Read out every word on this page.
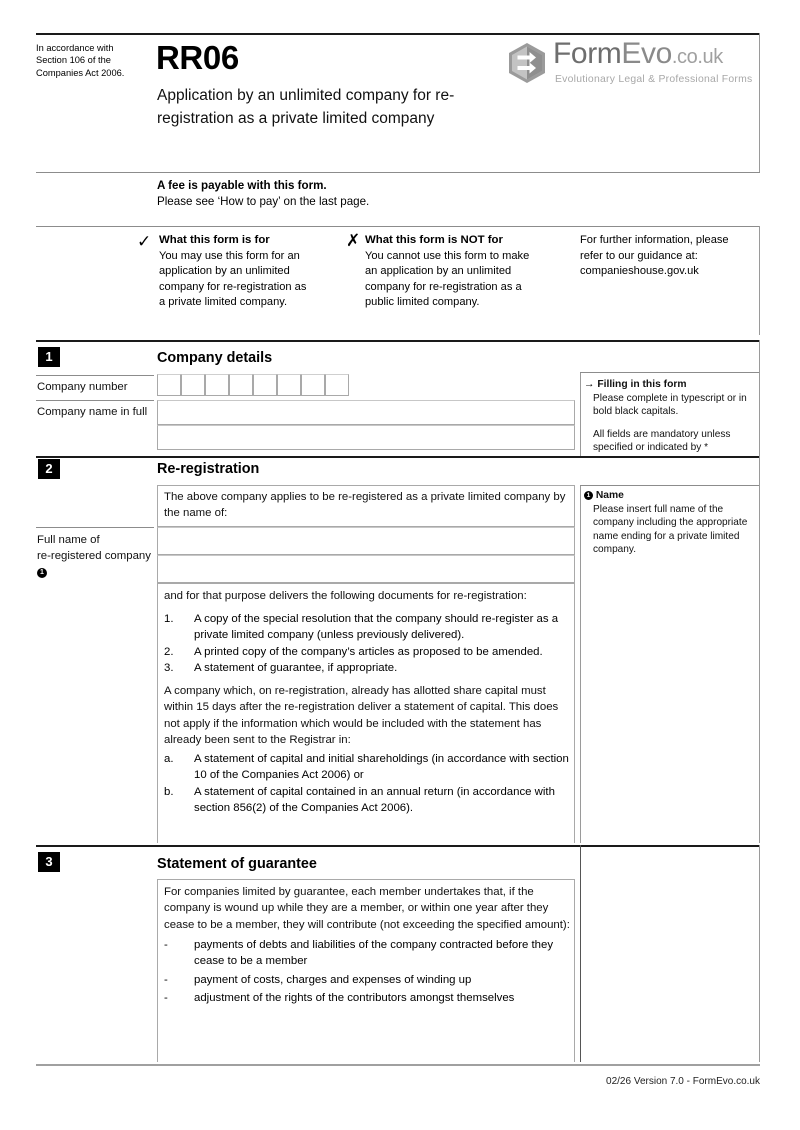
In accordance with Section 106 of the Companies Act 2006. RR06
Application by an unlimited company for re-registration as a private limited company
FormEvo.co.uk
Evolutionary Legal & Professional Forms
A fee is payable with this form.
Please see ‘How to pay’ on the last page.
✓ What this form is for
You may use this form for an application by an unlimited company for re-registration as a private limited company.
✗ What this form is NOT for
You cannot use this form to make an application by an unlimited company for re-registration as a public limited company.
For further information, please refer to our guidance at: companieshouse.gov.uk
1	Company details
Company number
Company name in full
→ Filling in this form
Please complete in typescript or in bold black capitals.
All fields are mandatory unless specified or indicated by *
2	Re-registration
The above company applies to be re-registered as a private limited company by the name of:
Full name of
re-registered company
1
and for that purpose delivers the following documents for re-registration:
1.	A copy of the special resolution that the company should re-register as a private limited company (unless previously delivered).
2.	A printed copy of the company’s articles as proposed to be amended.
3.	A statement of guarantee, if appropriate.
A company which, on re-registration, already has allotted share capital must within 15 days after the re-registration deliver a statement of capital. This does not apply if the information which would be included with the statement has already been sent to the Registrar in:
a.	A statement of capital and initial shareholdings (in accordance with section 10 of the Companies Act 2006) or
b.	A statement of capital contained in an annual return (in accordance with section 856(2) of the Companies Act 2006).
1 Name
Please insert full name of the company including the appropriate name ending for a private limited company.
3	Statement of guarantee
For companies limited by guarantee, each member undertakes that, if the company is wound up while they are a member, or within one year after they cease to be a member, they will contribute (not exceeding the specified amount):
-	payments of debts and liabilities of the company contracted before they cease to be a member
-	payment of costs, charges and expenses of winding up
-	adjustment of the rights of the contributors amongst themselves
02/26 Version 7.0 - FormEvo.co.uk
